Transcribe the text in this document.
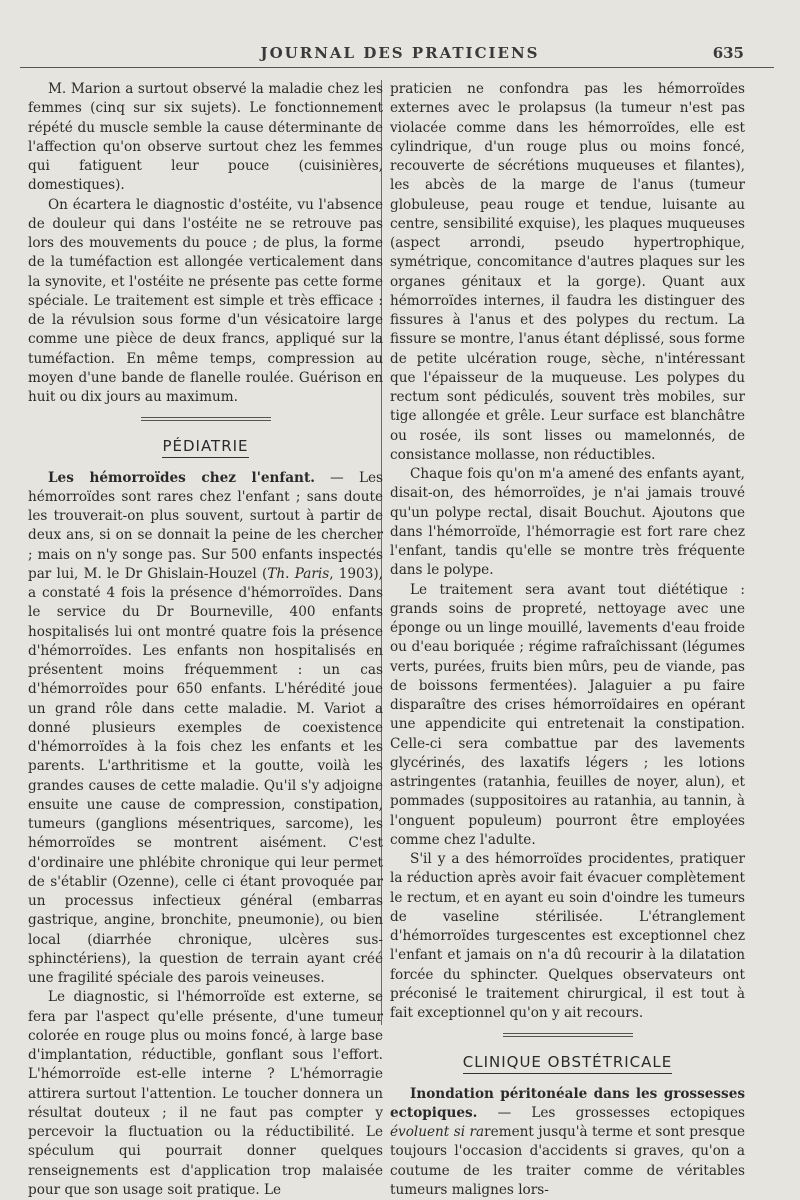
JOURNAL DES PRATICIENS	635

M. Marion a surtout observé la maladie chez les femmes (cinq sur six sujets). Le fonctionnement répété du muscle semble la cause déterminante de l'affection qu'on observe surtout chez les femmes qui fatiguent leur pouce (cuisinières, domestiques).

On écartera le diagnostic d'ostéite, vu l'absence de douleur qui dans l'ostéite ne se retrouve pas lors des mouvements du pouce ; de plus, la forme de la tuméfaction est allongée verticalement dans la synovite, et l'ostéite ne présente pas cette forme spéciale. Le traitement est simple et très efficace : de la révulsion sous forme d'un vésicatoire large comme une pièce de deux francs, appliqué sur la tuméfaction. En même temps, compression au moyen d'une bande de flanelle roulée. Guérison en huit ou dix jours au maximum.

PÉDIATRIE

Les hémorroïdes chez l'enfant. — Les hémorroïdes sont rares chez l'enfant ; sans doute les trouverait-on plus souvent, surtout à partir de deux ans, si on se donnait la peine de les chercher ; mais on n'y songe pas. Sur 500 enfants inspectés par lui, M. le Dr Ghislain-Houzel (Th. Paris, 1903), a constaté 4 fois la présence d'hémorroïdes. Dans le service du Dr Bourneville, 400 enfants hospitalisés lui ont montré quatre fois la présence d'hémorroïdes. Les enfants non hospitalisés en présentent moins fréquemment : un cas d'hémorroïdes pour 650 enfants. L'hérédité joue un grand rôle dans cette maladie. M. Variot a donné plusieurs exemples de coexistence d'hémorroïdes à la fois chez les enfants et les parents. L'arthritisme et la goutte, voilà les grandes causes de cette maladie. Qu'il s'y adjoigne ensuite une cause de compression, constipation, tumeurs (ganglions mésentriques, sarcome), les hémorroïdes se montrent aisément. C'est d'ordinaire une phlébite chronique qui leur permet de s'établir (Ozenne), celle ci étant provoquée par un processus infectieux général (embarras gastrique, angine, bronchite, pneumonie), ou bien local (diarrhée chronique, ulcères sus-sphinctériens), la question de terrain ayant créé une fragilité spéciale des parois veineuses.

Le diagnostic, si l'hémorroïde est externe, se fera par l'aspect qu'elle présente, d'une tumeur colorée en rouge plus ou moins foncé, à large base d'implantation, réductible, gonflant sous l'effort. L'hémorroïde est-elle interne ? L'hémorragie attirera surtout l'attention. Le toucher donnera un résultat douteux ; il ne faut pas compter y percevoir la fluctuation ou la réductibilité. Le spéculum qui pourrait donner quelques renseignements est d'application trop malaisée pour que son usage soit pratique. Le

praticien ne confondra pas les hémorroïdes externes avec le prolapsus (la tumeur n'est pas violacée comme dans les hémorroïdes, elle est cylindrique, d'un rouge plus ou moins foncé, recouverte de sécrétions muqueuses et filantes), les abcès de la marge de l'anus (tumeur globuleuse, peau rouge et tendue, luisante au centre, sensibilité exquise), les plaques muqueuses (aspect arrondi, pseudo hypertrophique, symétrique, concomitance d'autres plaques sur les organes génitaux et la gorge). Quant aux hémorroïdes internes, il faudra les distinguer des fissures à l'anus et des polypes du rectum. La fissure se montre, l'anus étant déplissé, sous forme de petite ulcération rouge, sèche, n'intéressant que l'épaisseur de la muqueuse. Les polypes du rectum sont pédiculés, souvent très mobiles, sur tige allongée et grêle. Leur surface est blanchâtre ou rosée, ils sont lisses ou mamelonnés, de consistance mollasse, non réductibles.

Chaque fois qu'on m'a amené des enfants ayant, disait-on, des hémorroïdes, je n'ai jamais trouvé qu'un polype rectal, disait Bouchut. Ajoutons que dans l'hémorroïde, l'hémorragie est fort rare chez l'enfant, tandis qu'elle se montre très fréquente dans le polype.

Le traitement sera avant tout diététique : grands soins de propreté, nettoyage avec une éponge ou un linge mouillé, lavements d'eau froide ou d'eau boriquée ; régime rafraîchissant (légumes verts, purées, fruits bien mûrs, peu de viande, pas de boissons fermentées). Jalaguier a pu faire disparaître des crises hémorroïdaires en opérant une appendicite qui entretenait la constipation. Celle-ci sera combattue par des lavements glycérinés, des laxatifs légers ; les lotions astringentes (ratanhia, feuilles de noyer, alun), et pommades (suppositoires au ratanhia, au tannin, à l'onguent populeum) pourront être employées comme chez l'adulte.

S'il y a des hémorroïdes procidentes, pratiquer la réduction après avoir fait évacuer complètement le rectum, et en ayant eu soin d'oindre les tumeurs de vaseline stérilisée. L'étranglement d'hémorroïdes turgescentes est exceptionnel chez l'enfant et jamais on n'a dû recourir à la dilatation forcée du sphincter. Quelques observateurs ont préconisé le traitement chirurgical, il est tout à fait exceptionnel qu'on y ait recours.

CLINIQUE OBSTÉTRICALE

Inondation péritonéale dans les grossesses ectopiques. — Les grossesses ectopiques évoluent si rarement jusqu'à terme et sont presque toujours l'occasion d'accidents si graves, qu'on a coutume de les traiter comme de véritables tumeurs malignes lors-
